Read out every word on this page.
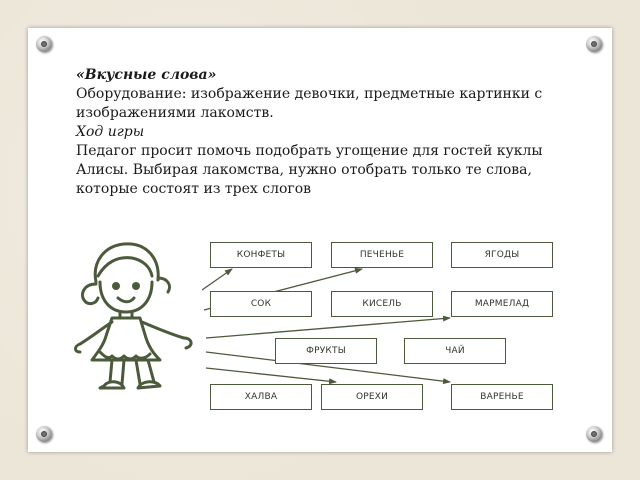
«Вкусные слова»

Оборудование: изображение девочки, предметные картинки с изображениями лакомств.

Ход игры

Педагог просит помочь подобрать угощение для гостей куклы Алисы. Выбирая лакомства, нужно отобрать только те слова, которые состоят из трех слогов

КОНФЕТЫ	ПЕЧЕНЬЕ	ЯГОДЫ
СОК	КИСЕЛЬ	МАРМЕЛАД
ФРУКТЫ	ЧАЙ
ХАЛВА	ОРЕХИ	ВАРЕНЬЕ
